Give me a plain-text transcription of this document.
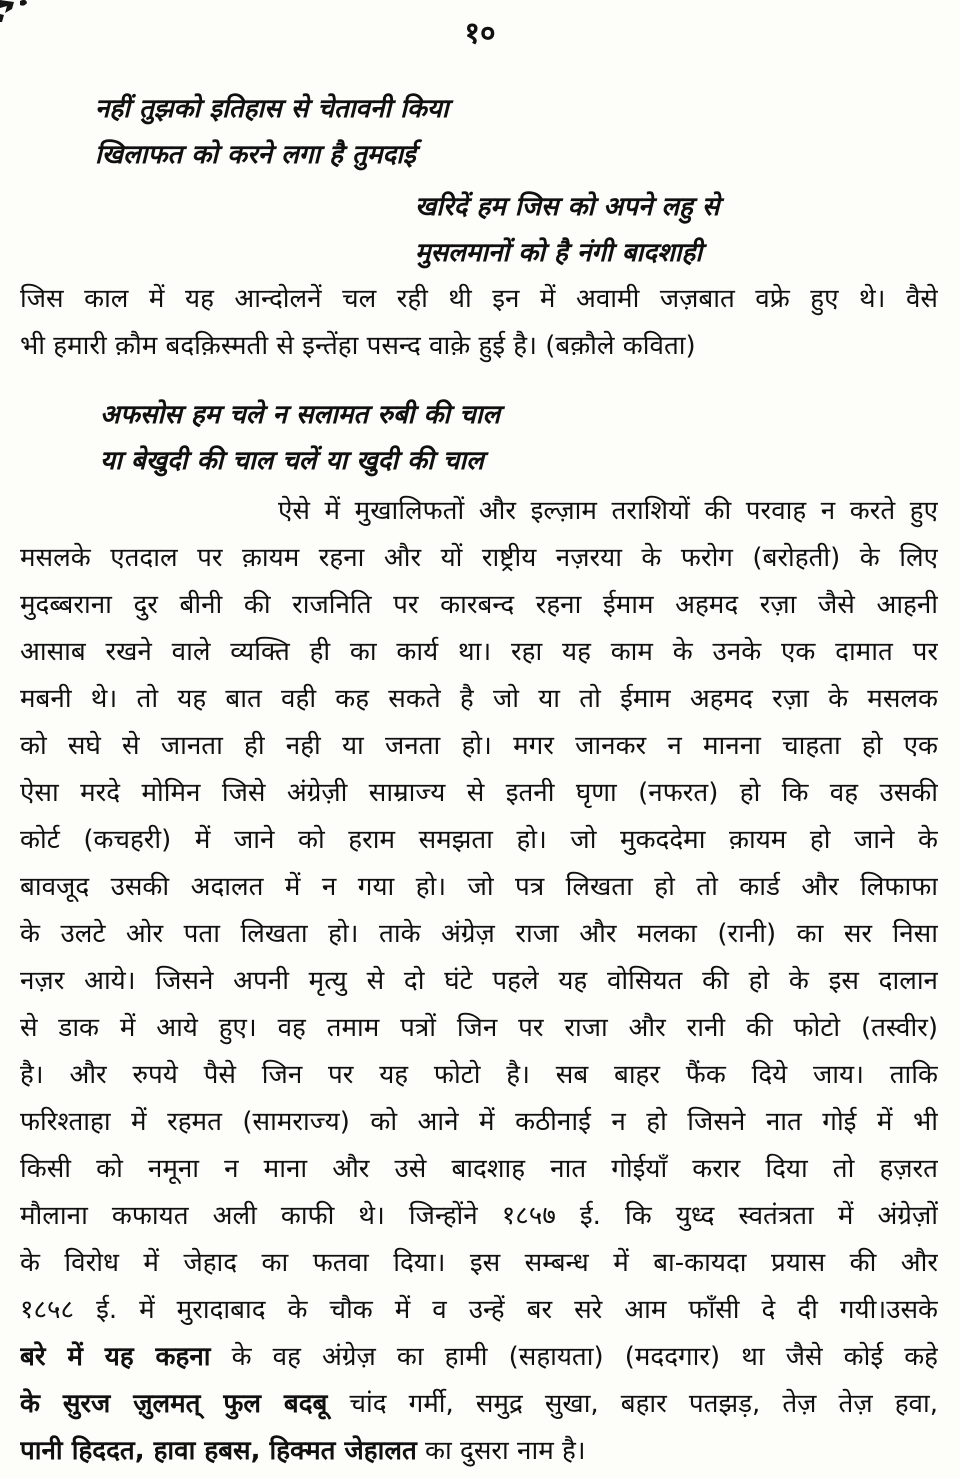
१०
नहीं तुझको इतिहास से चेतावनी किया
खिलाफत को करने लगा है तुमदाई
खरिदें हम जिस को अपने लहु से
मुसलमानों को है नंगी बादशाही
जिस काल में यह आन्दोलनें चल रही थी इन में अवामी जज़बात वफ्रे हुए थे। वैसे
भी हमारी क़ौम बदक़िस्मती से इन्तेंहा पसन्द वाक़े हुई है। (बक़ौले कविता)
अफसोस हम चले न सलामत रुबी की चाल
या बेखुदी की चाल चलें या खुदी की चाल
ऐसे में मुखालिफतों और इल्ज़ाम तराशियों की परवाह न करते हुए
मसलके एतदाल पर क़ायम रहना और यों राष्ट्रीय नज़रया के फरोग (बरोहती) के लिए
मुदब्बराना दुर बीनी की राजनिति पर कारबन्द रहना ईमाम अहमद रज़ा जैसे आहनी
आसाब रखने वाले व्यक्ति ही का कार्य था। रहा यह काम के उनके एक दामात पर
मबनी थे। तो यह बात वही कह सकते है जो या तो ईमाम अहमद रज़ा के मसलक
को सघे से जानता ही नही या जनता हो। मगर जानकर न मानना चाहता हो एक
ऐसा मरदे मोमिन जिसे अंग्रेज़ी साम्राज्य से इतनी घृणा (नफरत) हो कि वह उसकी
कोर्ट (कचहरी) में जाने को हराम समझता हो। जो मुकददेमा क़ायम हो जाने के
बावजूद उसकी अदालत में न गया हो। जो पत्र लिखता हो तो कार्ड और लिफाफा
के उलटे ओर पता लिखता हो। ताके अंग्रेज़ राजा और मलका (रानी) का सर निसा
नज़र आये। जिसने अपनी मृत्यु से दो घंटे पहले यह वोसियत की हो के इस दालान
से डाक में आये हुए। वह तमाम पत्रों जिन पर राजा और रानी की फोटो (तस्वीर)
है। और रुपये पैसे जिन पर यह फोटो है। सब बाहर फैंक दिये जाय। ताकि
फरिश्ताहा में रहमत (सामराज्य) को आने में कठीनाई न हो जिसने नात गोई में भी
किसी को नमूना न माना और उसे बादशाह नात गोईयाँ करार दिया तो हज़रत
मौलाना कफायत अली काफी थे। जिन्होंने १८५७ ई. कि युध्द स्वतंत्रता में अंग्रेज़ों
के विरोध में जेहाद का फतवा दिया। इस सम्बन्ध में बा-कायदा प्रयास की और
१८५८ ई. में मुरादाबाद के चौक में व उन्हें बर सरे आम फाँसी दे दी गयी।उसके
बरे में यह कहना के वह अंग्रेज़ का हामी (सहायता) (मददगार) था जैसे कोई कहे
के सुरज ज़ुलमत् फुल बदबू चांद गर्मी, समुद्र सुखा, बहार पतझड़, तेज़ तेज़ हवा,
पानी हिददत, हावा हबस, हिक्मत जेहालत का दुसरा नाम है।
